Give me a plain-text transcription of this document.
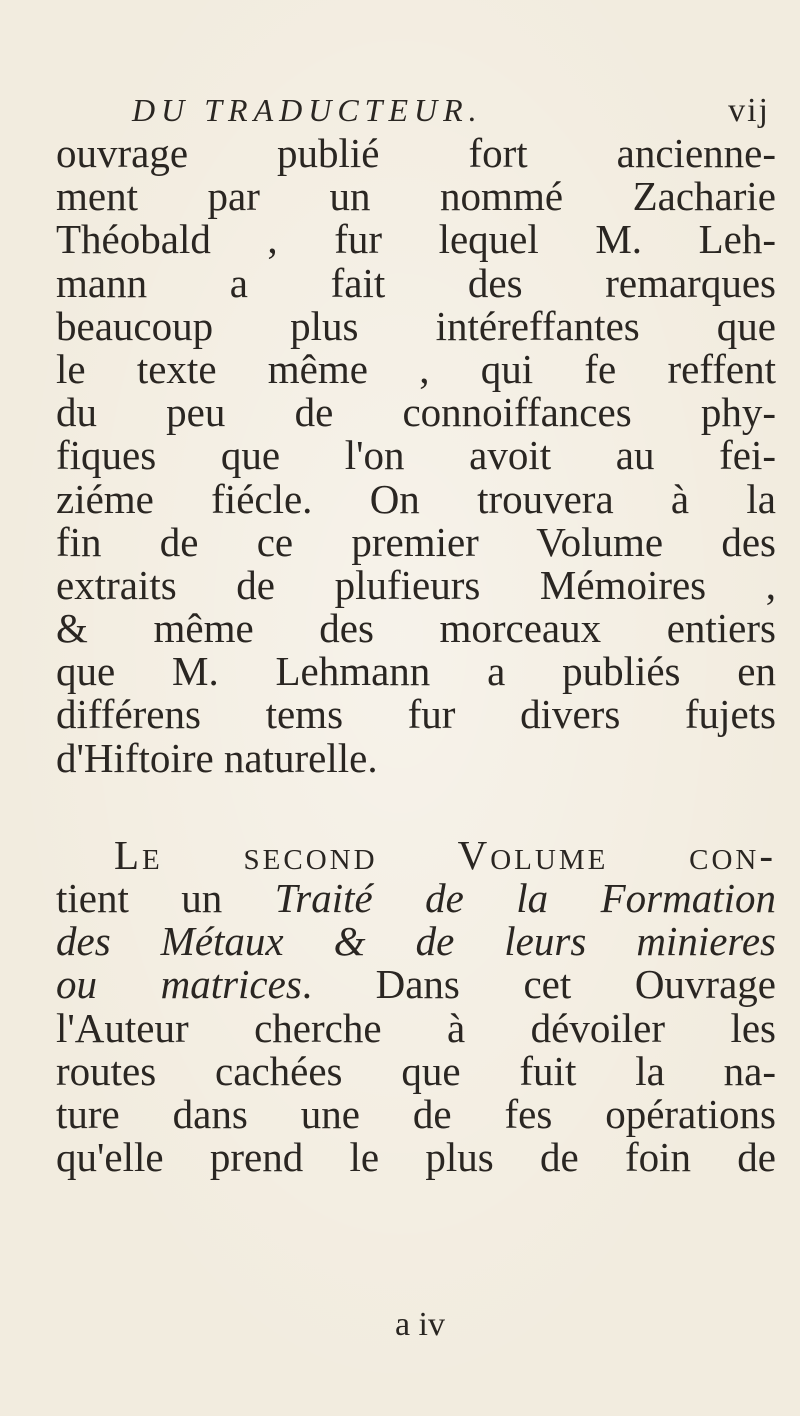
DU TRADUCTEUR.	vij
ouvrage publié fort ancienne-
ment par un nommé Zacharie
Théobald , fur lequel M. Leh-
mann a fait des remarques
beaucoup plus intéreffantes que
le texte même , qui fe reffent
du peu de connoiffances phy-
fiques que l'on avoit au fei-
ziéme fiécle. On trouvera à la
fin de ce premier Volume des
extraits de plufieurs Mémoires ,
& même des morceaux entiers
que M. Lehmann a publiés en
différens tems fur divers fujets
d'Hiftoire naturelle.
Le second Volume con-
tient un Traité de la Formation
des Métaux & de leurs minieres
ou matrices. Dans cet Ouvrage
l'Auteur cherche à dévoiler les
routes cachées que fuit la na-
ture dans une de fes opérations
qu'elle prend le plus de foin de
a iv
